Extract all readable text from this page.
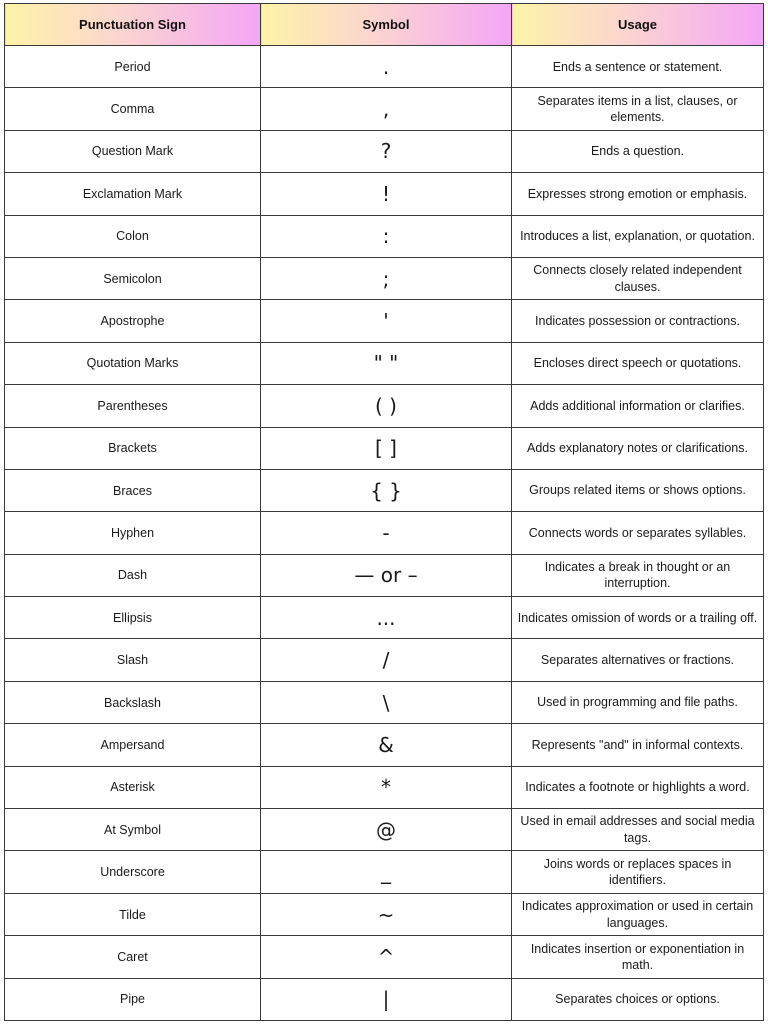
Punctuation Sign	Symbol	Usage
Period	.	Ends a sentence or statement.
Comma	,	Separates items in a list, clauses, or elements.
Question Mark	?	Ends a question.
Exclamation Mark	!	Expresses strong emotion or emphasis.
Colon	:	Introduces a list, explanation, or quotation.
Semicolon	;	Connects closely related independent clauses.
Apostrophe	'	Indicates possession or contractions.
Quotation Marks	" "	Encloses direct speech or quotations.
Parentheses	( )	Adds additional information or clarifies.
Brackets	[ ]	Adds explanatory notes or clarifications.
Braces	{ }	Groups related items or shows options.
Hyphen	-	Connects words or separates syllables.
Dash	— or –	Indicates a break in thought or an interruption.
Ellipsis	...	Indicates omission of words or a trailing off.
Slash	/	Separates alternatives or fractions.
Backslash	\	Used in programming and file paths.
Ampersand	&	Represents "and" in informal contexts.
Asterisk	*	Indicates a footnote or highlights a word.
At Symbol	@	Used in email addresses and social media tags.
Underscore	_	Joins words or replaces spaces in identifiers.
Tilde	~	Indicates approximation or used in certain languages.
Caret	^	Indicates insertion or exponentiation in math.
Pipe	|	Separates choices or options.
